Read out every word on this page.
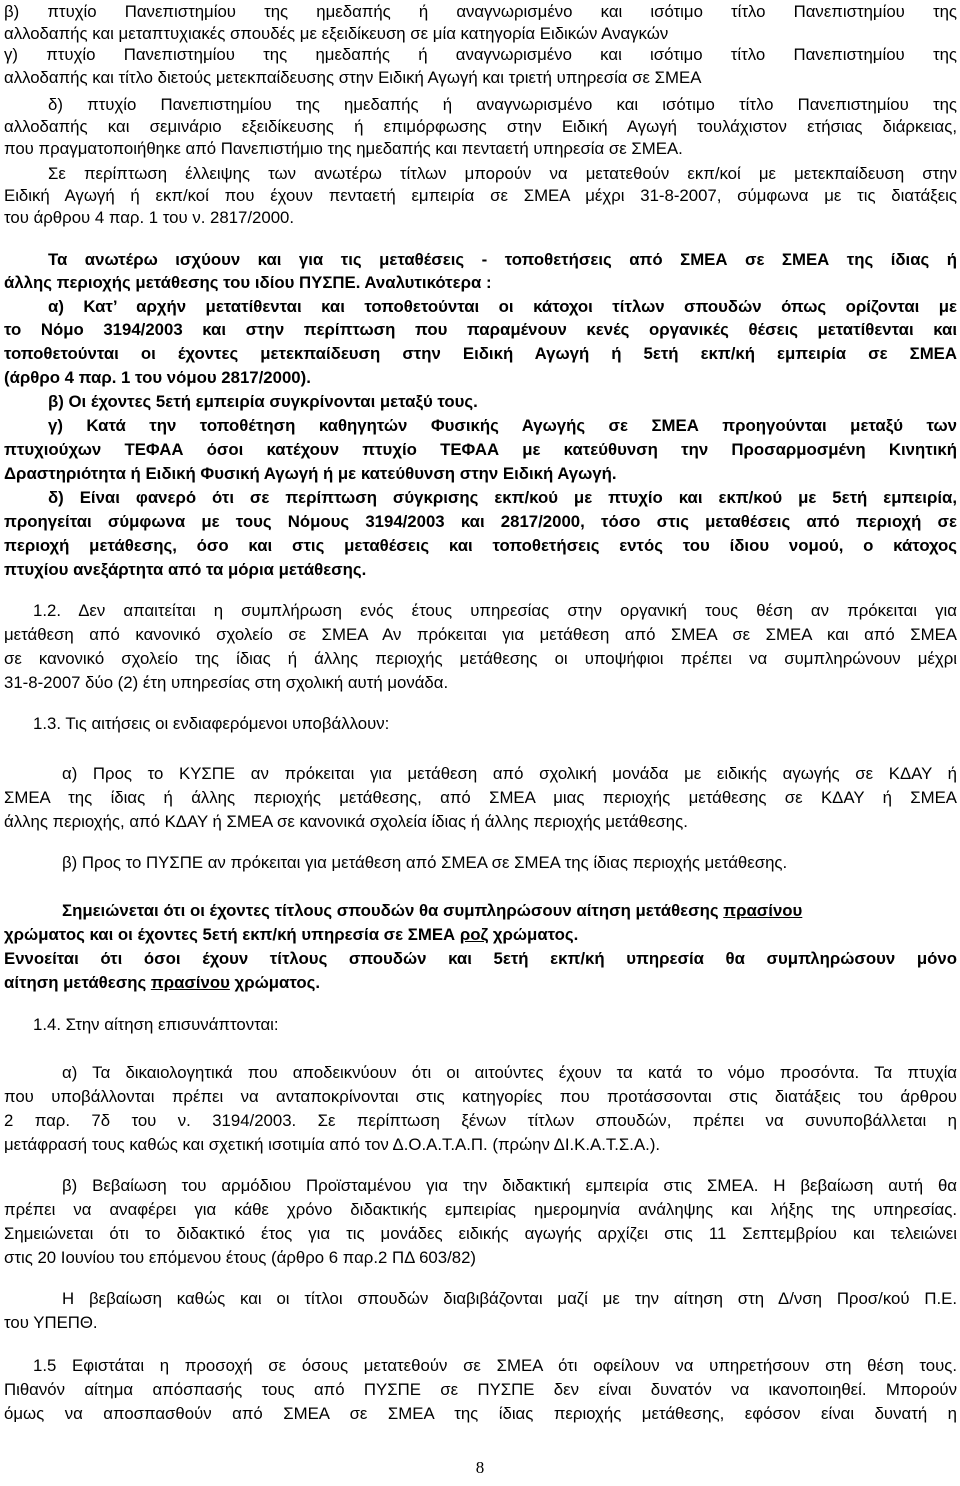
β) πτυχίο Πανεπιστημίου της ημεδαπής ή αναγνωρισμένο και ισότιμο τίτλο Πανεπιστημίου της
αλλοδαπής και μεταπτυχιακές σπουδές με εξειδίκευση σε μία κατηγορία Ειδικών Αναγκών
γ) πτυχίο Πανεπιστημίου της ημεδαπής ή αναγνωρισμένο και ισότιμο τίτλο Πανεπιστημίου της
αλλοδαπής και τίτλο διετούς μετεκπαίδευσης στην Ειδική Αγωγή και τριετή υπηρεσία σε ΣΜΕΑ
δ) πτυχίο Πανεπιστημίου της ημεδαπής ή αναγνωρισμένο και ισότιμο τίτλο Πανεπιστημίου της
αλλοδαπής και σεμινάριο εξειδίκευσης ή επιμόρφωσης στην Ειδική Αγωγή τουλάχιστον ετήσιας διάρκειας,
που πραγματοποιήθηκε από Πανεπιστήμιο της ημεδαπής και πενταετή υπηρεσία σε ΣΜΕΑ.
Σε περίπτωση έλλειψης των ανωτέρω τίτλων μπορούν να μετατεθούν εκπ/κοί με μετεκπαίδευση στην
Ειδική Αγωγή ή εκπ/κοί που έχουν πενταετή εμπειρία σε ΣΜΕΑ μέχρι 31-8-2007, σύμφωνα με τις διατάξεις
του άρθρου 4 παρ. 1 του ν. 2817/2000.
Τα ανωτέρω ισχύουν και για τις μεταθέσεις - τοποθετήσεις από ΣΜΕΑ σε ΣΜΕΑ της ίδιας ή
άλλης περιοχής μετάθεσης του ιδίου ΠΥΣΠΕ. Αναλυτικότερα :
α) Κατ’ αρχήν μετατίθενται και τοποθετούνται οι κάτοχοι τίτλων σπουδών όπως ορίζονται με
το Νόμο 3194/2003 και στην περίπτωση που παραμένουν κενές οργανικές θέσεις μετατίθενται και
τοποθετούνται οι έχοντες μετεκπαίδευση στην Ειδική Αγωγή ή 5ετή εκπ/κή εμπειρία σε ΣΜΕΑ
(άρθρο 4 παρ. 1 του νόμου 2817/2000).
β) Οι έχοντες 5ετή εμπειρία συγκρίνονται μεταξύ τους.
γ) Κατά την τοποθέτηση καθηγητών Φυσικής Αγωγής σε ΣΜΕΑ προηγούνται μεταξύ των
πτυχιούχων ΤΕΦΑΑ όσοι κατέχουν πτυχίο ΤΕΦΑΑ με κατεύθυνση την Προσαρμοσμένη Κινητική
Δραστηριότητα ή Ειδική Φυσική Αγωγή ή με κατεύθυνση στην Ειδική Αγωγή.
δ) Είναι φανερό ότι σε περίπτωση σύγκρισης εκπ/κού με πτυχίο και εκπ/κού με 5ετή εμπειρία,
προηγείται σύμφωνα με τους Νόμους 3194/2003 και 2817/2000, τόσο στις μεταθέσεις από περιοχή σε
περιοχή μετάθεσης, όσο και στις μεταθέσεις και τοποθετήσεις εντός του ίδιου νομού, ο κάτοχος
πτυχίου ανεξάρτητα από τα μόρια μετάθεσης.
1.2. Δεν απαιτείται η συμπλήρωση ενός έτους υπηρεσίας στην οργανική τους θέση αν πρόκειται για
μετάθεση από κανονικό σχολείο σε ΣΜΕΑ Αν πρόκειται για μετάθεση από ΣΜΕΑ σε ΣΜΕΑ και από ΣΜΕΑ
σε κανονικό σχολείο της ίδιας ή άλλης περιοχής μετάθεσης οι υποψήφιοι πρέπει να συμπληρώνουν μέχρι
31-8-2007 δύο (2) έτη υπηρεσίας στη σχολική αυτή μονάδα.
1.3. Τις αιτήσεις οι ενδιαφερόμενοι υποβάλλουν:
α) Προς το ΚΥΣΠΕ αν πρόκειται για μετάθεση από σχολική μονάδα με ειδικής αγωγής σε ΚΔΑΥ ή
ΣΜΕΑ της ίδιας ή άλλης περιοχής μετάθεσης, από ΣΜΕΑ μιας περιοχής μετάθεσης σε ΚΔΑΥ ή ΣΜΕΑ
άλλης περιοχής, από ΚΔΑΥ ή ΣΜΕΑ σε κανονικά σχολεία ίδιας ή άλλης περιοχής μετάθεσης.
β) Προς το ΠΥΣΠΕ αν πρόκειται για μετάθεση από ΣΜΕΑ σε ΣΜΕΑ της ίδιας περιοχής μετάθεσης.
Σημειώνεται ότι οι έχοντες τίτλους σπουδών θα συμπληρώσουν αίτηση μετάθεσης πρασίνου
χρώματος και οι έχοντες 5ετή εκπ/κή υπηρεσία σε ΣΜΕΑ ροζ χρώματος.
Εννοείται ότι όσοι έχουν τίτλους σπουδών και 5ετή εκπ/κή υπηρεσία θα συμπληρώσουν μόνο
αίτηση μετάθεσης πρασίνου χρώματος.
1.4. Στην αίτηση επισυνάπτονται:
α) Τα δικαιολογητικά που αποδεικνύουν ότι οι αιτούντες έχουν τα κατά το νόμο προσόντα. Τα πτυχία
που υποβάλλονται πρέπει να ανταποκρίνονται στις κατηγορίες που προτάσσονται στις διατάξεις του άρθρου
2 παρ. 7δ του ν. 3194/2003. Σε περίπτωση ξένων τίτλων σπουδών, πρέπει να συνυποβάλλεται η
μετάφρασή τους καθώς και σχετική ισοτιμία από τον Δ.Ο.Α.Τ.Α.Π. (πρώην ΔΙ.Κ.Α.Τ.Σ.Α.).
β) Βεβαίωση του αρμόδιου Προϊσταμένου για την διδακτική εμπειρία στις ΣΜΕΑ. Η βεβαίωση αυτή θα
πρέπει να αναφέρει για κάθε χρόνο διδακτικής εμπειρίας ημερομηνία ανάληψης και λήξης της υπηρεσίας.
Σημειώνεται ότι το διδακτικό έτος για τις μονάδες ειδικής αγωγής αρχίζει στις 11 Σεπτεμβρίου και τελειώνει
στις 20 Ιουνίου του επόμενου έτους (άρθρο 6 παρ.2 ΠΔ 603/82)
Η βεβαίωση καθώς και οι τίτλοι σπουδών διαβιβάζονται μαζί με την αίτηση στη Δ/νση Προσ/κού Π.Ε.
του ΥΠΕΠΘ.
1.5 Εφιστάται η προσοχή σε όσους μετατεθούν σε ΣΜΕΑ ότι οφείλουν να υπηρετήσουν στη θέση τους.
Πιθανόν αίτημα απόσπασής τους από ΠΥΣΠΕ σε ΠΥΣΠΕ δεν είναι δυνατόν να ικανοποιηθεί. Μπορούν
όμως να αποσπασθούν από ΣΜΕΑ σε ΣΜΕΑ της ίδιας περιοχής μετάθεσης, εφόσον είναι δυνατή η
8
